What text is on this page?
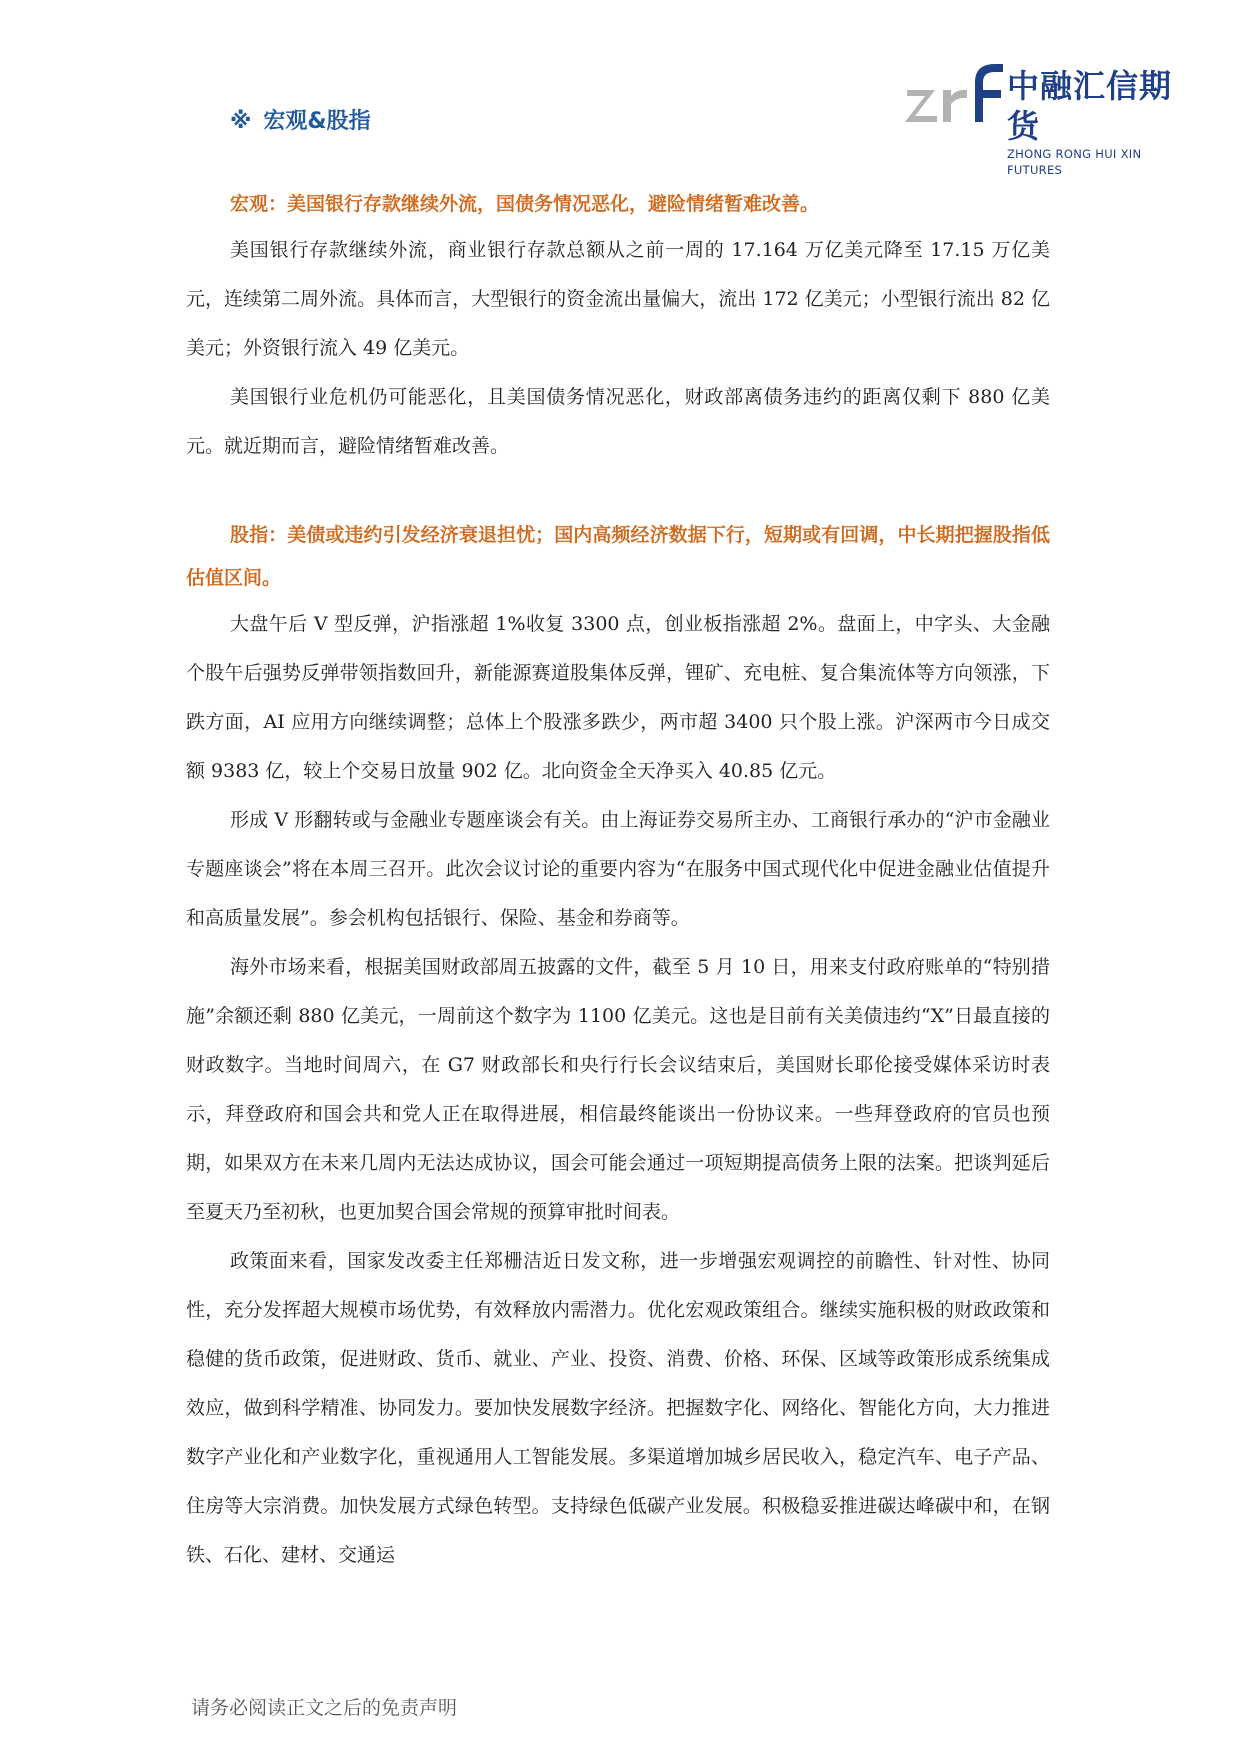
中融汇信期货
ZHONG RONG HUI XIN FUTURES
※ 宏观&股指

宏观：美国银行存款继续外流，国债务情况恶化，避险情绪暂难改善。

美国银行存款继续外流，商业银行存款总额从之前一周的 17.164 万亿美元降至 17.15 万亿美元，连续第二周外流。具体而言，大型银行的资金流出量偏大，流出 172 亿美元；小型银行流出 82 亿美元；外资银行流入 49 亿美元。

美国银行业危机仍可能恶化，且美国债务情况恶化，财政部离债务违约的距离仅剩下 880 亿美元。就近期而言，避险情绪暂难改善。

股指：美债或违约引发经济衰退担忧；国内高频经济数据下行，短期或有回调，中长期把握股指低估值区间。

大盘午后 V 型反弹，沪指涨超 1%收复 3300 点，创业板指涨超 2%。盘面上，中字头、大金融个股午后强势反弹带领指数回升，新能源赛道股集体反弹，锂矿、充电桩、复合集流体等方向领涨，下跌方面，AI 应用方向继续调整；总体上个股涨多跌少，两市超 3400 只个股上涨。沪深两市今日成交额 9383 亿，较上个交易日放量 902 亿。北向资金全天净买入 40.85 亿元。

形成 V 形翻转或与金融业专题座谈会有关。由上海证券交易所主办、工商银行承办的“沪市金融业专题座谈会”将在本周三召开。此次会议讨论的重要内容为“在服务中国式现代化中促进金融业估值提升和高质量发展”。参会机构包括银行、保险、基金和券商等。

海外市场来看，根据美国财政部周五披露的文件，截至 5 月 10 日，用来支付政府账单的“特别措施”余额还剩 880 亿美元，一周前这个数字为 1100 亿美元。这也是目前有关美债违约“X”日最直接的财政数字。当地时间周六，在 G7 财政部长和央行行长会议结束后，美国财长耶伦接受媒体采访时表示，拜登政府和国会共和党人正在取得进展，相信最终能谈出一份协议来。一些拜登政府的官员也预期，如果双方在未来几周内无法达成协议，国会可能会通过一项短期提高债务上限的法案。把谈判延后至夏天乃至初秋，也更加契合国会常规的预算审批时间表。

政策面来看，国家发改委主任郑栅洁近日发文称，进一步增强宏观调控的前瞻性、针对性、协同性，充分发挥超大规模市场优势，有效释放内需潜力。优化宏观政策组合。继续实施积极的财政政策和稳健的货币政策，促进财政、货币、就业、产业、投资、消费、价格、环保、区域等政策形成系统集成效应，做到科学精准、协同发力。要加快发展数字经济。把握数字化、网络化、智能化方向，大力推进数字产业化和产业数字化，重视通用人工智能发展。多渠道增加城乡居民收入，稳定汽车、电子产品、住房等大宗消费。加快发展方式绿色转型。支持绿色低碳产业发展。积极稳妥推进碳达峰碳中和，在钢铁、石化、建材、交通运

请务必阅读正文之后的免责声明
